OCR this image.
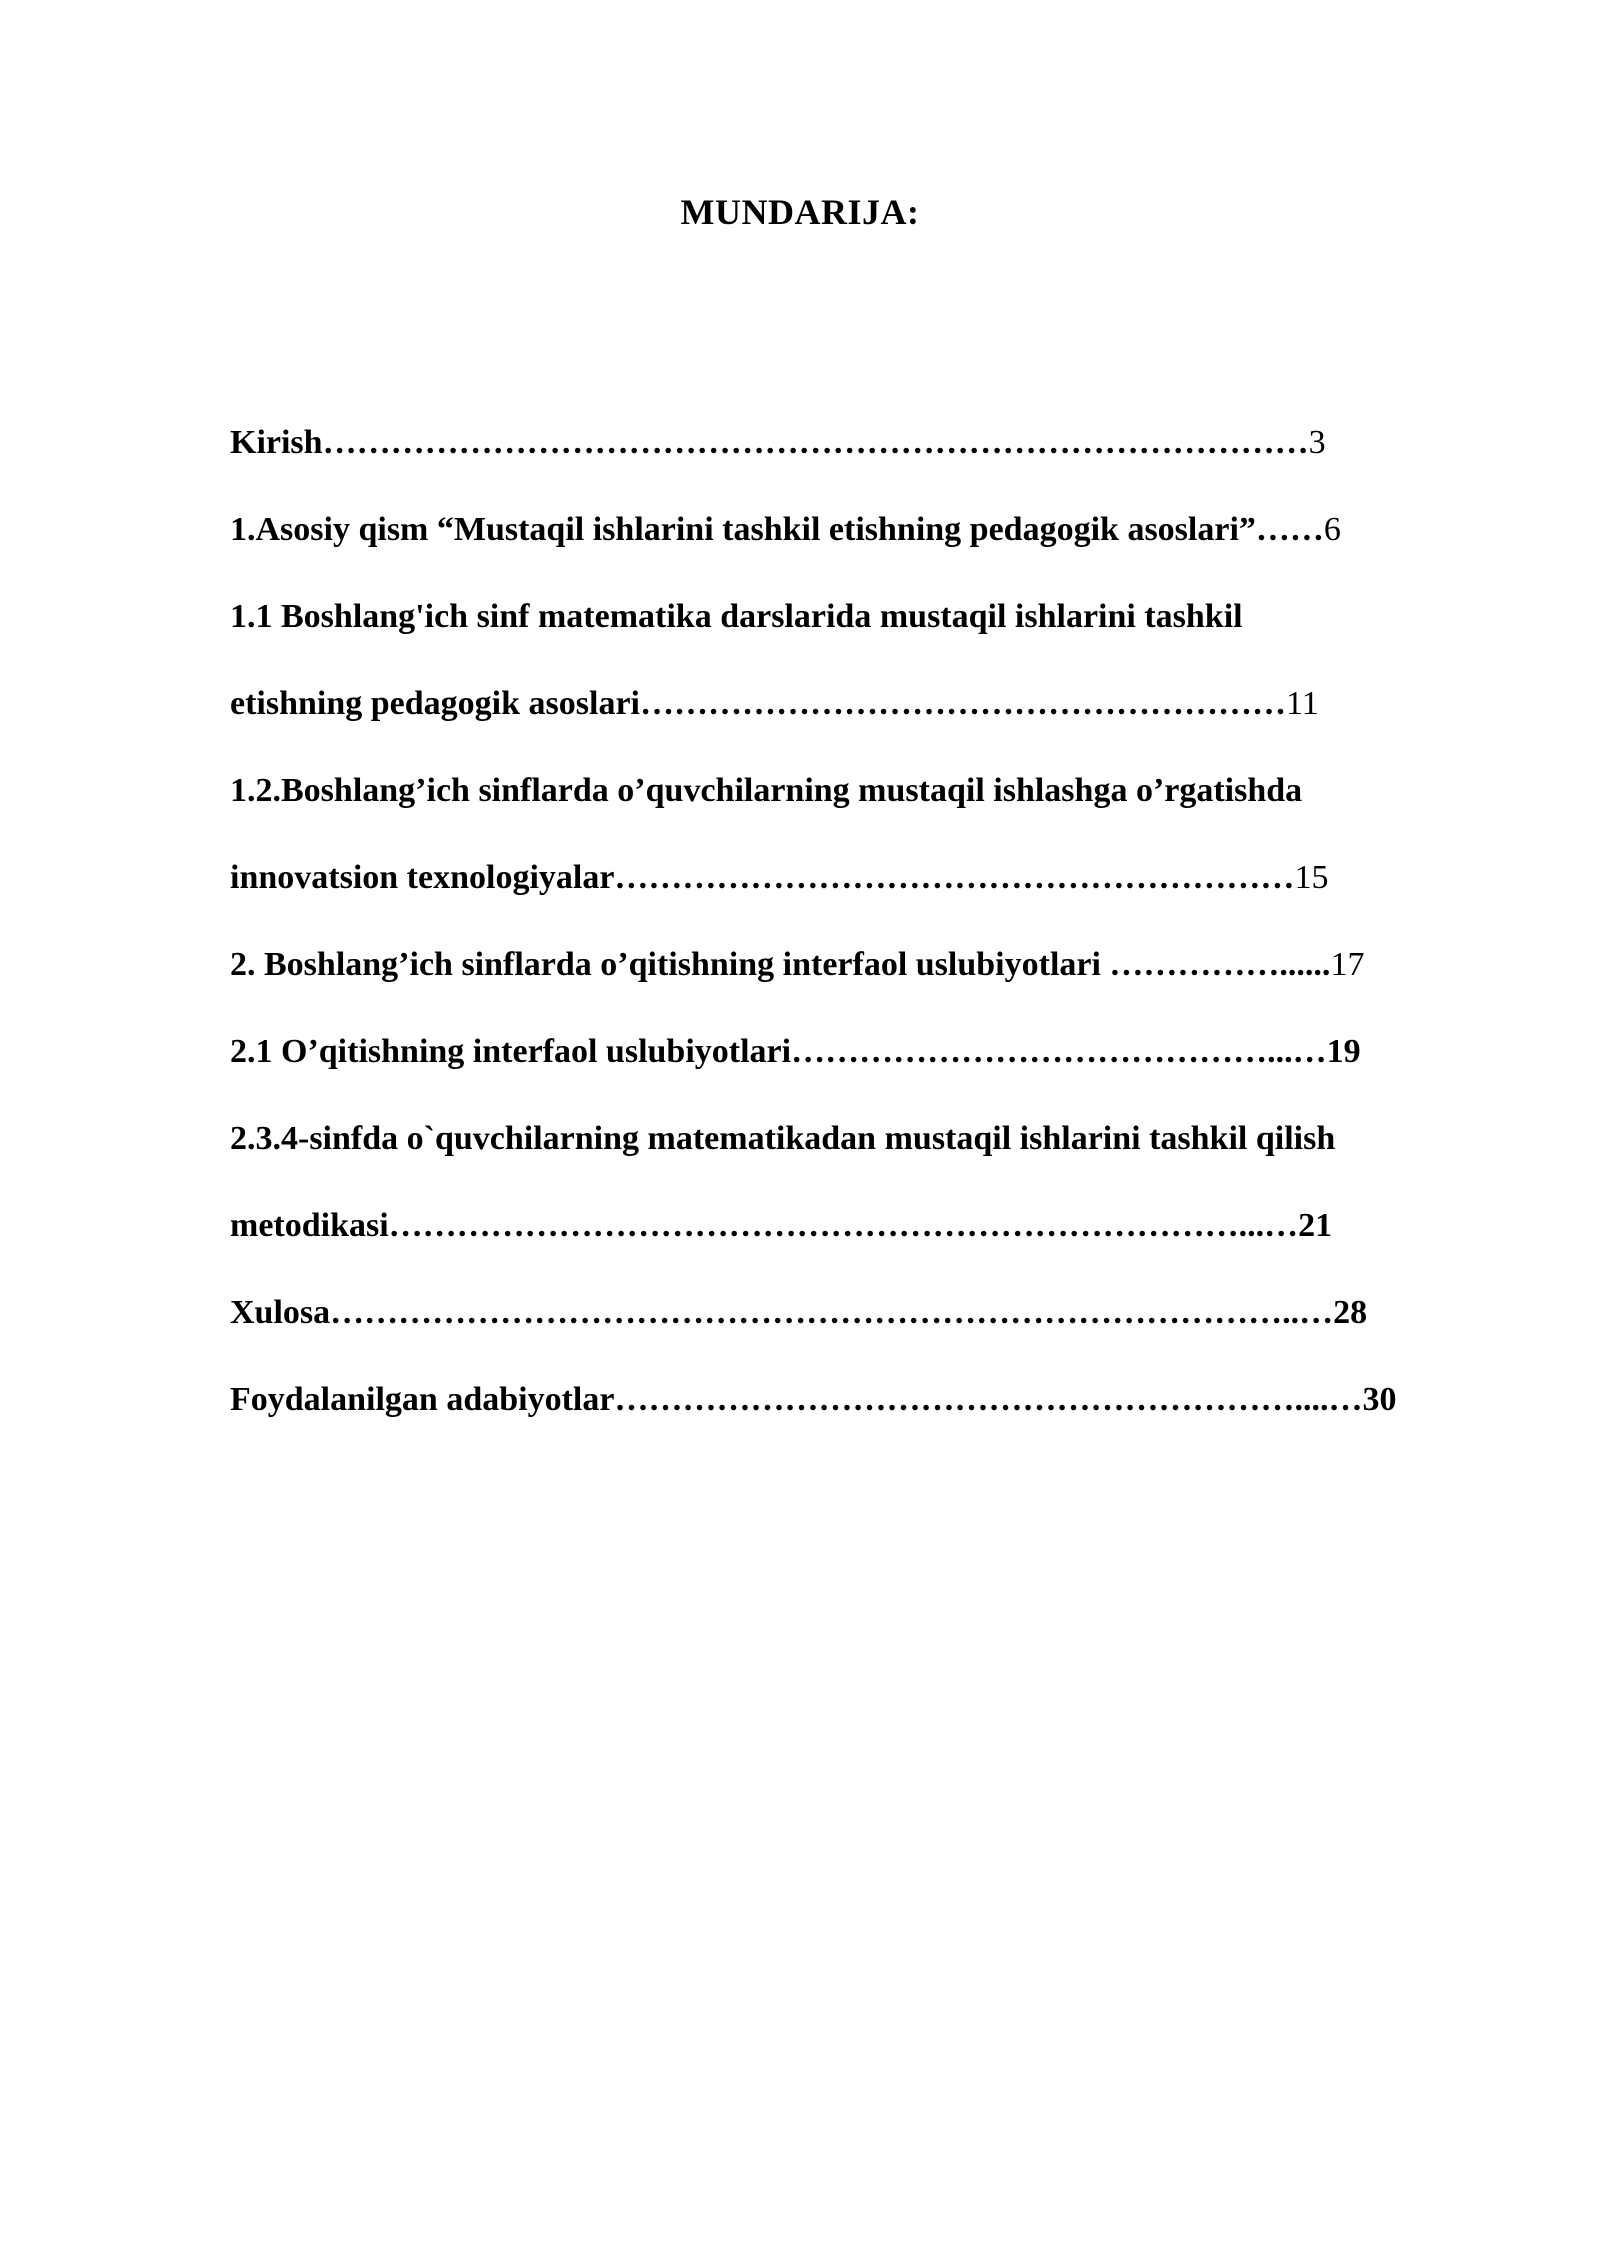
MUNDARIJA:
Kirish……………………………………………………………………………3
1.Asosiy qism “Mustaqil ishlarini tashkil etishning pedagogik asoslari”……6
1.1 Boshlang'ich sinf matematika darslarida mustaqil ishlarini tashkil
etishning pedagogik asoslari…………………………………………………11
1.2.Boshlang’ich sinflarda o’quvchilarning mustaqil ishlashga o’rgatishda
innovatsion texnologiyalar……………………………………………………15
2. Boshlang’ich sinflarda o’qitishning interfaol uslubiyotlari ……………......17
2.1 O’qitishning interfaol uslubiyotlari……………………………………...…19
2.3.4-sinfda o`quvchilarning matematikadan mustaqil ishlarini tashkil qilish
metodikasi…………………………………………………………………...…21
Xulosa…………………………………………………………………………..…28
Foydalanilgan adabiyotlar……………………………………………………....…30
